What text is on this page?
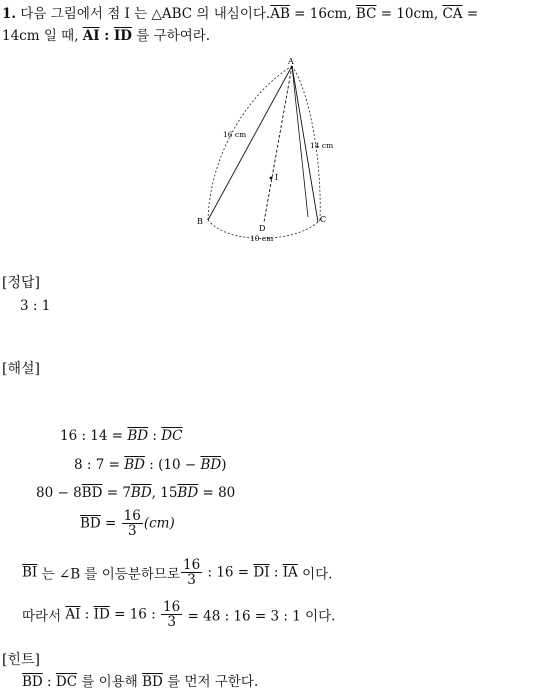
1. 다음 그림에서 점 I 는 △ABC 의 내심이다$.\overline{AB} = 16cm$, $\overline{BC} = 10cm$, $\overline{CA}$ =
14cm 일 때, $\overline{AI}$ : $\overline{ID}$ 를 구하여라.
A
B	C
D
I
16 cm
14 cm
10 cm
[정답]
3 : 1
[해설]
16 : $14 = \overline{BD}$ : $\overline{DC}$
8 : $7 = \overline{BD}$ : $(10 - \overline{BD})$
$80 - 8\overline{BD} = 7\overline{BD}$, $15\overline{BD} = 80$
$\overline{BD} = \frac{16}{3} (cm)$
$\overline{BI}$ 는 ∠B 를 이등분하므로 $\frac{16}{3}$ : $16 = \overline{DI}$ : $\overline{IA}$ 이다.
따라서 $\overline{AI}$ : $\overline{ID} = 16$ : $\frac{16}{3} = 48$ : 16 = 3 : 1 이다.
[힌트]
$\overline{BD}$ : $\overline{DC}$ 를 이용해 $\overline{BD}$ 를 먼저 구한다.
